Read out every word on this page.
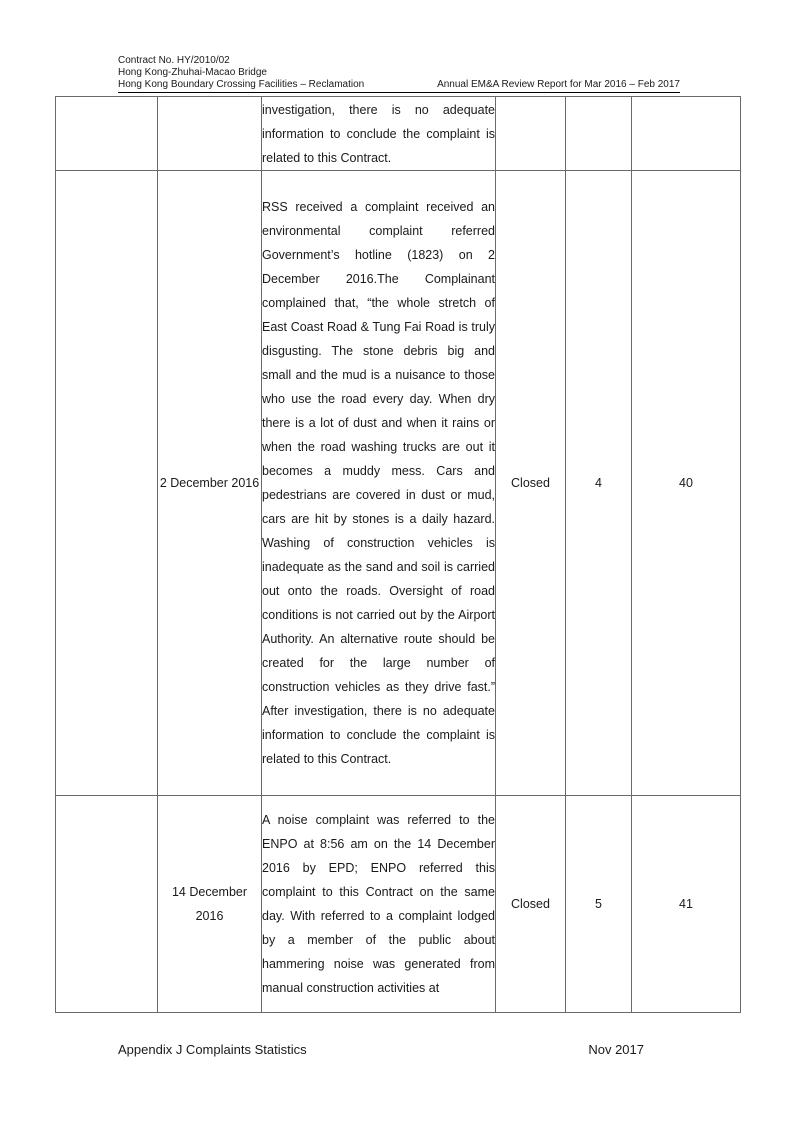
Contract No. HY/2010/02
Hong Kong-Zhuhai-Macao Bridge
Hong Kong Boundary Crossing Facilities – Reclamation	Annual EM&A Review Report for Mar 2016 – Feb 2017

		investigation, there is no adequate information to conclude the complaint is related to this Contract.			

	2 December 2016	RSS received a complaint received an environmental complaint referred Government’s hotline (1823) on 2 December 2016.The Complainant complained that, “the whole stretch of East Coast Road & Tung Fai Road is truly disgusting. The stone debris big and small and the mud is a nuisance to those who use the road every day. When dry there is a lot of dust and when it rains or when the road washing trucks are out it becomes a muddy mess. Cars and pedestrians are covered in dust or mud, cars are hit by stones is a daily hazard. Washing of construction vehicles is inadequate as the sand and soil is carried out onto the roads. Oversight of road conditions is not carried out by the Airport Authority. An alternative route should be created for the large number of construction vehicles as they drive fast.” After investigation, there is no adequate information to conclude the complaint is related to this Contract.	Closed	4	40
	14 December 2016	A noise complaint was referred to the ENPO at 8:56 am on the 14 December 2016 by EPD; ENPO referred this complaint to this Contract on the same day. With referred to a complaint lodged by a member of the public about hammering noise was generated from manual construction activities at	Closed	5	41
Appendix J Complaints Statistics	Nov 2017
